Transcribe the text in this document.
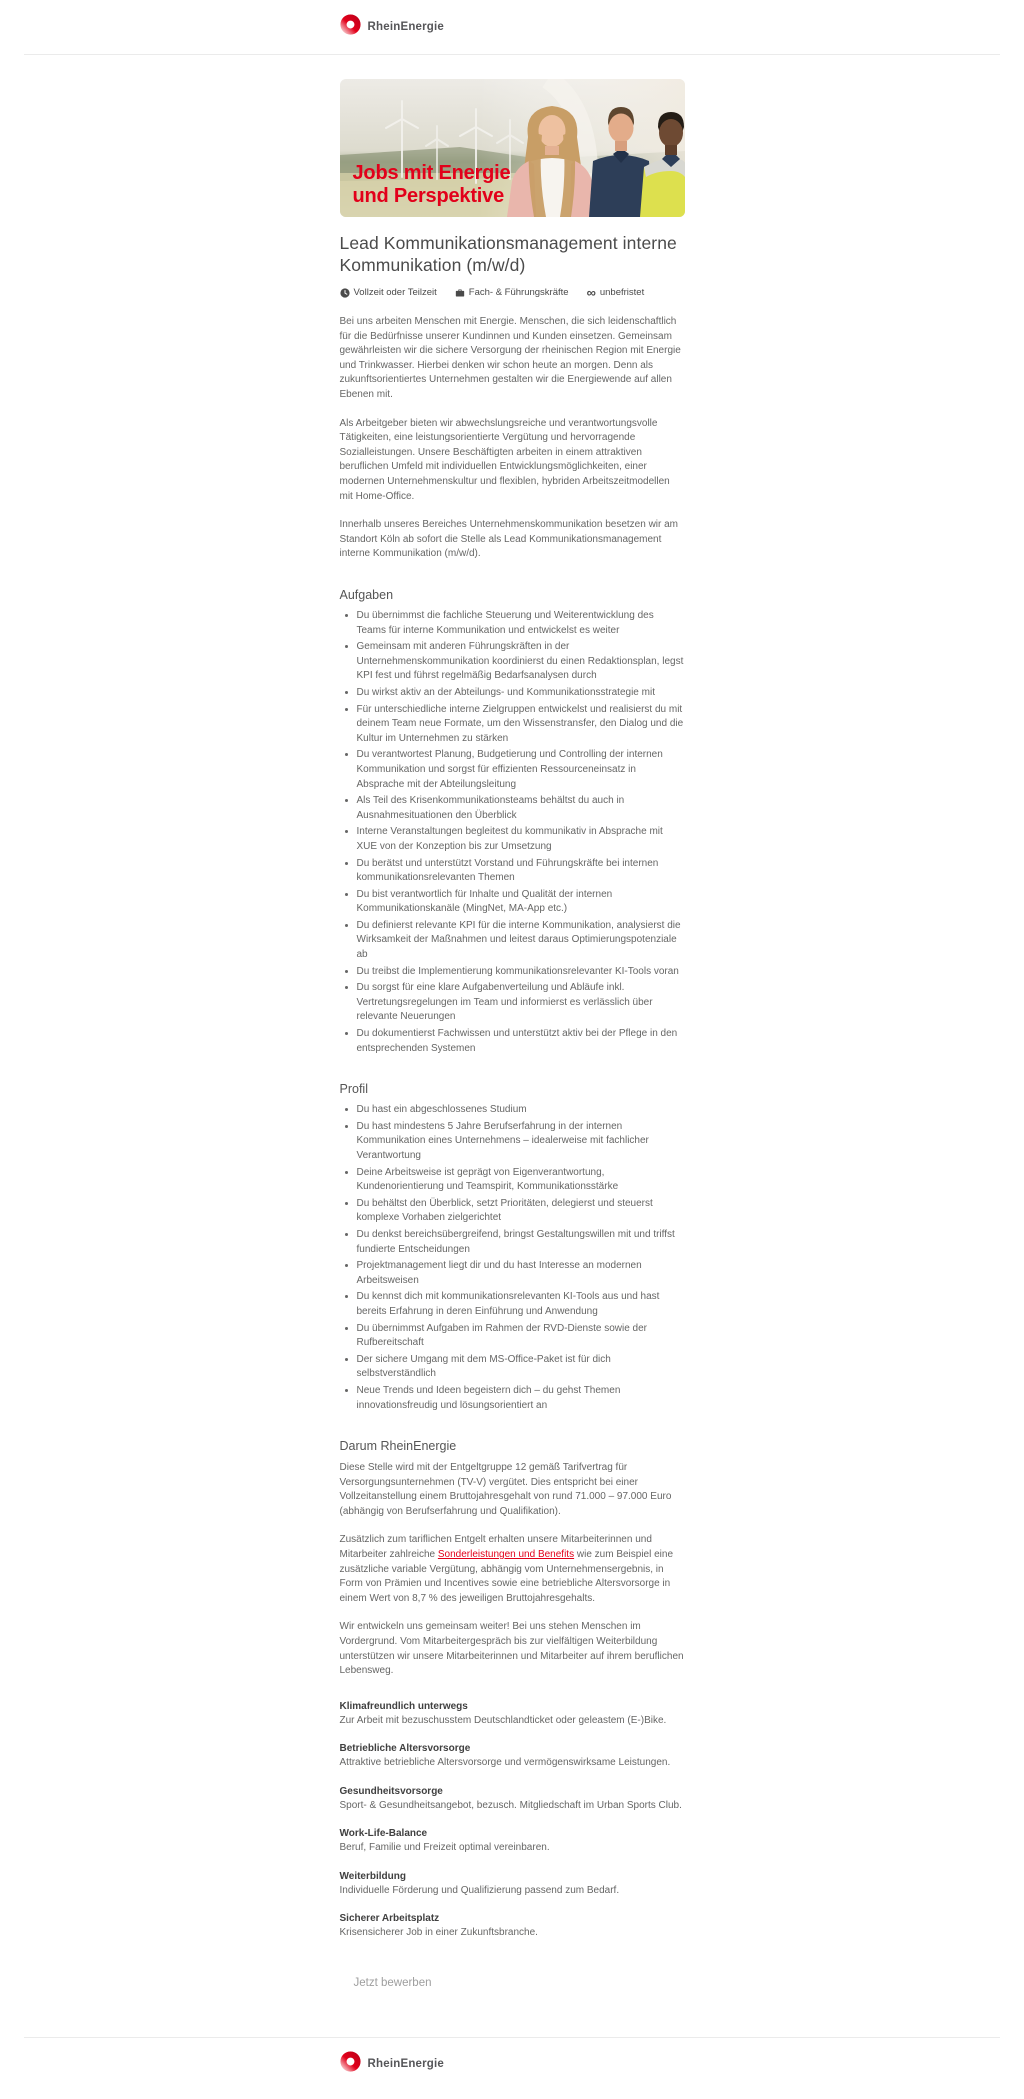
RheinEnergie
Jobs mit Energie
und Perspektive
Lead Kommunikationsmanagement interne Kommunikation (m/w/d)
Vollzeit oder Teilzeit	Fach- & Führungskräfte ∞ unbefristet

Bei uns arbeiten Menschen mit Energie. Menschen, die sich leidenschaftlich für die Bedürfnisse unserer Kundinnen und Kunden einsetzen. Gemeinsam gewährleisten wir die sichere Versorgung der rheinischen Region mit Energie und Trinkwasser. Hierbei denken wir schon heute an morgen. Denn als zukunftsorientiertes Unternehmen gestalten wir die Energiewende auf allen Ebenen mit.

Als Arbeitgeber bieten wir abwechslungsreiche und verantwortungsvolle Tätigkeiten, eine leistungsorientierte Vergütung und hervorragende Sozialleistungen. Unsere Beschäftigten arbeiten in einem attraktiven beruflichen Umfeld mit individuellen Entwicklungsmöglichkeiten, einer modernen Unternehmenskultur und flexiblen, hybriden Arbeitszeitmodellen mit Home-Office.

Innerhalb unseres Bereiches Unternehmenskommunikation besetzen wir am Standort Köln ab sofort die Stelle als Lead Kommunikationsmanagement interne Kommunikation (m/w/d).

Aufgaben
• Du übernimmst die fachliche Steuerung und Weiterentwicklung des Teams für interne Kommunikation und entwickelst es weiter
• Gemeinsam mit anderen Führungskräften in der Unternehmenskommunikation koordinierst du einen Redaktionsplan, legst KPI fest und führst regelmäßig Bedarfsanalysen durch
• Du wirkst aktiv an der Abteilungs- und Kommunikationsstrategie mit
• Für unterschiedliche interne Zielgruppen entwickelst und realisierst du mit deinem Team neue Formate, um den Wissenstransfer, den Dialog und die Kultur im Unternehmen zu stärken
• Du verantwortest Planung, Budgetierung und Controlling der internen Kommunikation und sorgst für effizienten Ressourceneinsatz in Absprache mit der Abteilungsleitung
• Als Teil des Krisenkommunikationsteams behältst du auch in Ausnahmesituationen den Überblick
• Interne Veranstaltungen begleitest du kommunikativ in Absprache mit XUE von der Konzeption bis zur Umsetzung
• Du berätst und unterstützt Vorstand und Führungskräfte bei internen kommunikationsrelevanten Themen
• Du bist verantwortlich für Inhalte und Qualität der internen Kommunikationskanäle (MingNet, MA-App etc.)
• Du definierst relevante KPI für die interne Kommunikation, analysierst die Wirksamkeit der Maßnahmen und leitest daraus Optimierungspotenziale ab
• Du treibst die Implementierung kommunikationsrelevanter KI-Tools voran
• Du sorgst für eine klare Aufgabenverteilung und Abläufe inkl. Vertretungsregelungen im Team und informierst es verlässlich über relevante Neuerungen
• Du dokumentierst Fachwissen und unterstützt aktiv bei der Pflege in den entsprechenden Systemen
Profil
• Du hast ein abgeschlossenes Studium
• Du hast mindestens 5 Jahre Berufserfahrung in der internen Kommunikation eines Unternehmens – idealerweise mit fachlicher Verantwortung
• Deine Arbeitsweise ist geprägt von Eigenverantwortung, Kundenorientierung und Teamspirit, Kommunikationsstärke
• Du behältst den Überblick, setzt Prioritäten, delegierst und steuerst komplexe Vorhaben zielgerichtet
• Du denkst bereichsübergreifend, bringst Gestaltungswillen mit und triffst fundierte Entscheidungen
• Projektmanagement liegt dir und du hast Interesse an modernen Arbeitsweisen
• Du kennst dich mit kommunikationsrelevanten KI-Tools aus und hast bereits Erfahrung in deren Einführung und Anwendung
• Du übernimmst Aufgaben im Rahmen der RVD-Dienste sowie der Rufbereitschaft
• Der sichere Umgang mit dem MS-Office-Paket ist für dich selbstverständlich
• Neue Trends und Ideen begeistern dich – du gehst Themen innovationsfreudig und lösungsorientiert an
Darum RheinEnergie

Diese Stelle wird mit der Entgeltgruppe 12 gemäß Tarifvertrag für Versorgungsunternehmen (TV-V) vergütet. Dies entspricht bei einer Vollzeitanstellung einem Bruttojahresgehalt von rund 71.000 – 97.000 Euro (abhängig von Berufserfahrung und Qualifikation).

Zusätzlich zum tariflichen Entgelt erhalten unsere Mitarbeiterinnen und Mitarbeiter zahlreiche Sonderleistungen und Benefits wie zum Beispiel eine zusätzliche variable Vergütung, abhängig vom Unternehmensergebnis, in Form von Prämien und Incentives sowie eine betriebliche Altersvorsorge in einem Wert von 8,7 % des jeweiligen Bruttojahresgehalts.

Wir entwickeln uns gemeinsam weiter! Bei uns stehen Menschen im Vordergrund. Vom Mitarbeitergespräch bis zur vielfältigen Weiterbildung unterstützen wir unsere Mitarbeiterinnen und Mitarbeiter auf ihrem beruflichen Lebensweg.

Klimafreundlich unterwegs
Zur Arbeit mit bezuschusstem Deutschlandticket oder geleastem (E-)Bike.
Betriebliche Altersvorsorge
Attraktive betriebliche Altersvorsorge und vermögenswirksame Leistungen.
Gesundheitsvorsorge
Sport- & Gesundheitsangebot, bezusch. Mitgliedschaft im Urban Sports Club.
Work-Life-Balance
Beruf, Familie und Freizeit optimal vereinbaren.
Weiterbildung
Individuelle Förderung und Qualifizierung passend zum Bedarf.
Sicherer Arbeitsplatz
Krisensicherer Job in einer Zukunftsbranche.
Jetzt bewerben
RheinEnergie
